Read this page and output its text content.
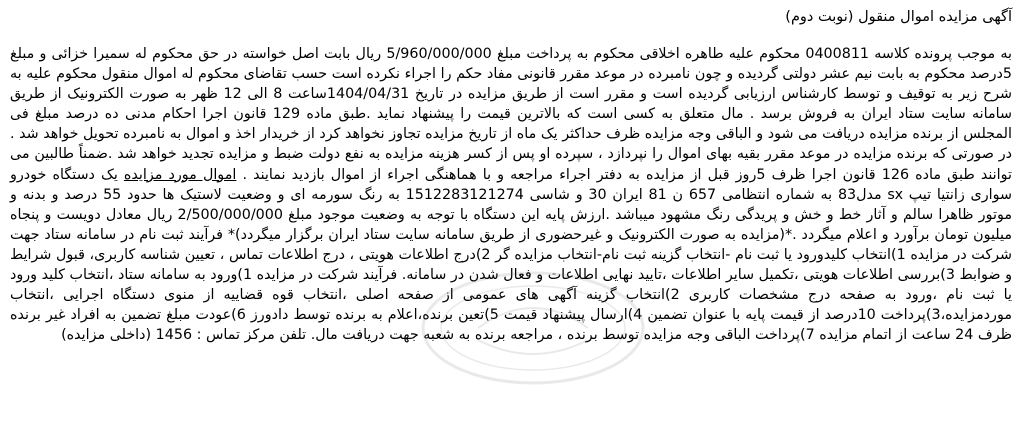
آگهی مزایده اموال منقول (نوبت دوم)

به موجب پرونده کلاسه 0400811 محکوم علیه طاهره اخلاقی محکوم به پرداخت مبلغ 5/960/000/000 ریال بابت اصل خواسته در حق محکوم له سمیرا خزائی و مبلغ 5درصد محکوم به بابت نیم عشر دولتی گردیده و چون نامبرده در موعد مقرر قانونی مفاد حکم را اجراء نکرده است حسب تقاضای محکوم له اموال منقول محکوم علیه به شرح زیر به توقیف و توسط کارشناس ارزیابی گردیده است و مقرر است از طریق مزایده در تاریخ 1404/04/31ساعت 8 الی 12 ظهر به صورت الکترونیک از طریق سامانه سایت ستاد ایران به فروش برسد . مال متعلق به کسی است که بالاترین قیمت را پیشنهاد نماید .طبق ماده 129 قانون اجرا احکام مدنی ده درصد مبلغ فی المجلس از برنده مزایده دریافت می شود و الباقی وجه مزایده ظرف حداکثر یک ماه از تاریخ مزایده تجاوز نخواهد کرد از خریدار اخذ و اموال به نامبرده تحویل خواهد شد . در صورتی که برنده مزایده در موعد مقرر بقیه بهای اموال را نپردازد ، سپرده او پس از کسر هزینه مزایده به نفع دولت ضبط و مزایده تجدید خواهد شد .ضمناً طالبین می توانند طبق ماده 126 قانون اجرا ظرف 5روز قبل از مزایده به دفتر اجراء مراجعه و با هماهنگی اجراء از اموال بازدید نمایند . اموال مورد مزایده یک دستگاه خودرو سواری زانتیا تیپ sx مدل83 به شماره انتظامی 657 ن 81 ایران 30 و شاسی 1512283121274 به رنگ سورمه ای و وضعیت لاستیک ها حدود 55 درصد و بدنه و موتور ظاهرا سالم و آثار خط و خش و پریدگی رنگ مشهود میباشد .ارزش پایه این دستگاه با توجه به وضعیت موجود مبلغ 2/500/000/000 ریال معادل دویست و پنجاه میلیون تومان برآورد و اعلام میگردد .*(مزایده به صورت الکترونیک و غیرحضوری از طریق سامانه سایت ستاد ایران برگزار میگردد)* فرآیند ثبت نام در سامانه ستاد جهت شرکت در مزایده 1)انتخاب کلیدورود یا ثبت نام -انتخاب گزینه ثبت نام-انتخاب مزایده گر 2)درج اطلاعات هویتی ، درج اطلاعات تماس ، تعیین شناسه کاربری، قبول شرایط و ضوابط 3)بررسی اطلاعات هویتی ،تکمیل سایر اطلاعات ،تایید نهایی اطلاعات و فعال شدن در سامانه. فرآیند شرکت در مزایده 1)ورود به سامانه ستاد ،انتخاب کلید ورود یا ثبت نام ،ورود به صفحه درج مشخصات کاربری 2)انتخاب گزینه آگهی های عمومی از صفحه اصلی ،انتخاب قوه قضاییه از منوی دستگاه اجرایی ،انتخاب موردمزایده،3)پرداخت 10درصد از قیمت پایه با عنوان تضمین 4)ارسال پیشنهاد قیمت 5)تعین برنده،اعلام به برنده توسط دادورز 6)عودت مبلغ تضمین به افراد غیر برنده ظرف 24 ساعت از اتمام مزایده 7)پرداخت الباقی وجه مزایده توسط برنده ، مراجعه برنده به شعبه جهت دریافت مال. تلفن مرکز تماس : 1456 (داخلی مزایده)
